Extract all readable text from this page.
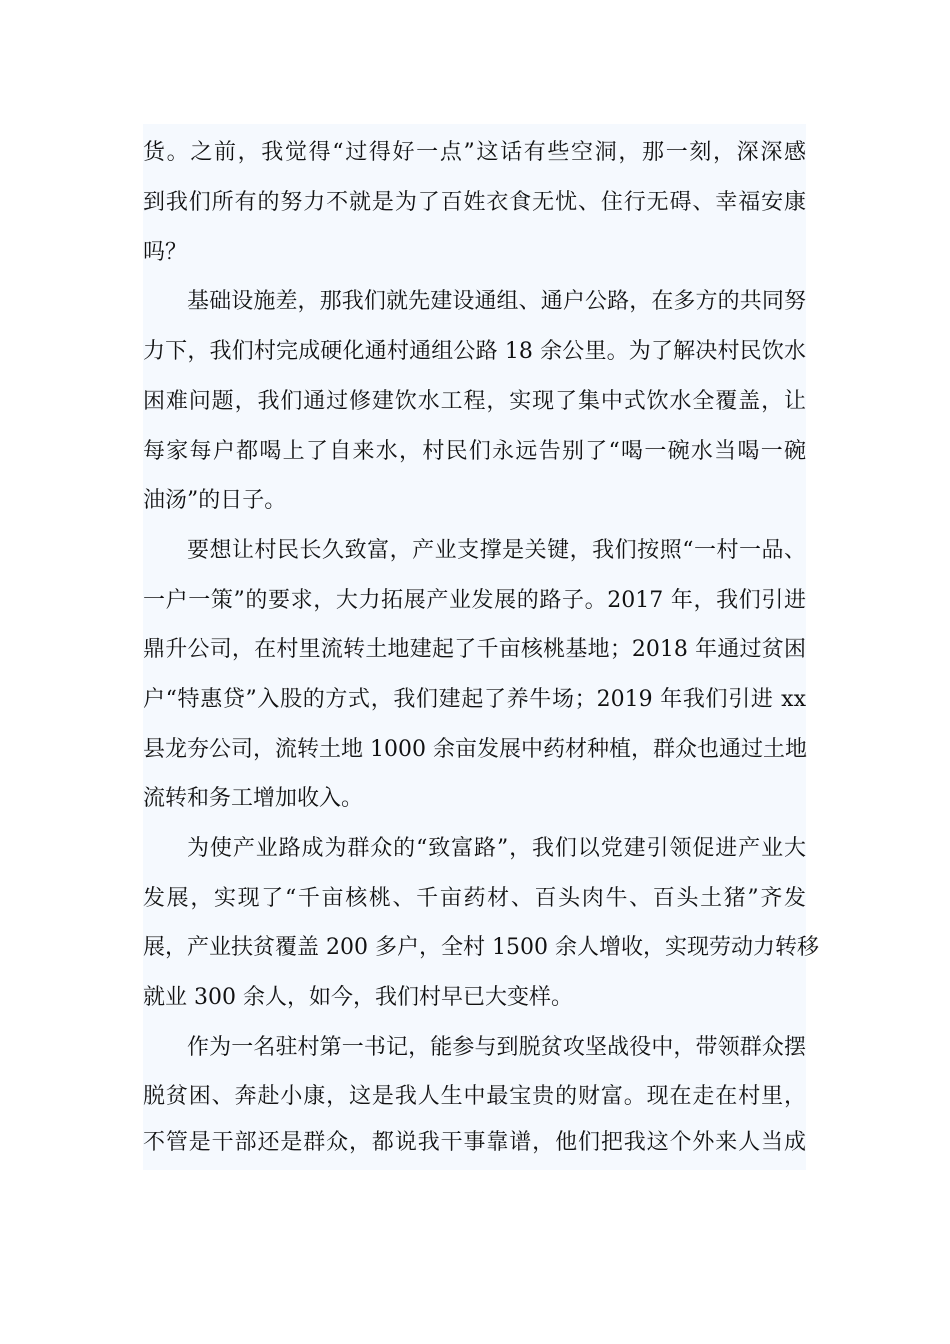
货。之前，我觉得“过得好一点”这话有些空洞，那一刻，深深感
到我们所有的努力不就是为了百姓衣食无忧、住行无碍、幸福安康
吗？
基础设施差，那我们就先建设通组、通户公路，在多方的共同努
力下，我们村完成硬化通村通组公路 18 余公里。为了解决村民饮水
困难问题，我们通过修建饮水工程，实现了集中式饮水全覆盖，让
每家每户都喝上了自来水，村民们永远告别了“喝一碗水当喝一碗
油汤”的日子。
要想让村民长久致富，产业支撑是关键，我们按照“一村一品、
一户一策”的要求，大力拓展产业发展的路子。2017 年，我们引进
鼎升公司，在村里流转土地建起了千亩核桃基地；2018 年通过贫困
户“特惠贷”入股的方式，我们建起了养牛场；2019 年我们引进 xx
县龙夯公司，流转土地 1000 余亩发展中药材种植，群众也通过土地
流转和务工增加收入。
为使产业路成为群众的“致富路”，我们以党建引领促进产业大
发展，实现了“千亩核桃、千亩药材、百头肉牛、百头土猪”齐发
展，产业扶贫覆盖 200 多户，全村 1500 余人增收，实现劳动力转移
就业 300 余人，如今，我们村早已大变样。
作为一名驻村第一书记，能参与到脱贫攻坚战役中，带领群众摆
脱贫困、奔赴小康，这是我人生中最宝贵的财富。现在走在村里，
不管是干部还是群众，都说我干事靠谱，他们把我这个外来人当成
